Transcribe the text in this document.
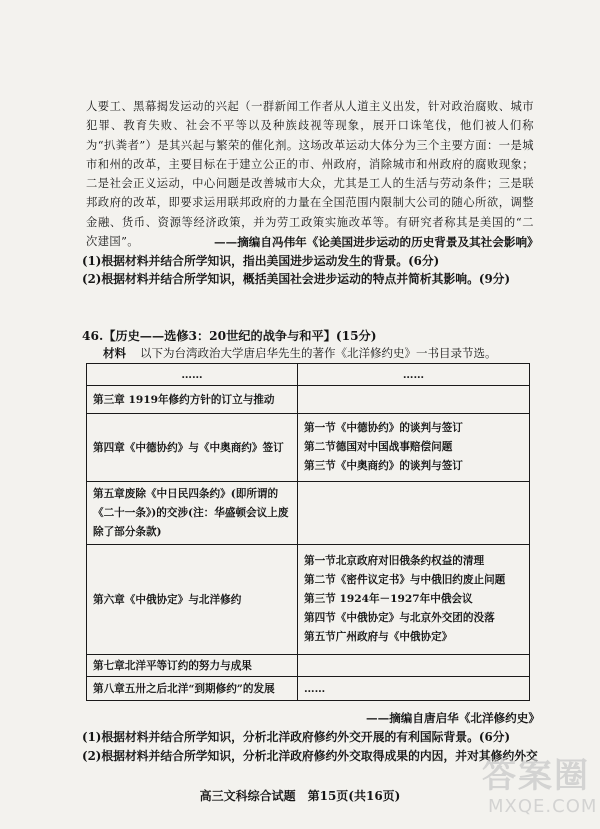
人要工、黑幕揭发运动的兴起（一群新闻工作者从人道主义出发，针对政治腐败、城市犯罪、教育失败、社会不平等以及种族歧视等现象，展开口诛笔伐，他们被人们称为“扒粪者”）是其兴起与繁荣的催化剂。这场改革运动大体分为三个主要方面：一是城市和州的改革，主要目标在于建立公正的市、州政府，消除城市和州政府的腐败现象；二是社会正义运动，中心问题是改善城市大众，尤其是工人的生活与劳动条件；三是联邦政府的改革，即要求运用联邦政府的力量在全国范围内限制大公司的随心所欲，调整金融、货币、资源等经济政策，并为劳工政策实施改革等。有研究者称其是美国的“二次建国”。	——摘编自冯伟年《论美国进步运动的历史背景及其社会影响》
(1)根据材料并结合所学知识，指出美国进步运动发生的背景。(6分)
(2)根据材料并结合所学知识，概括美国社会进步运动的特点并简析其影响。(9分)
46.【历史——选修3：20世纪的战争与和平】(15分)
材料 以下为台湾政治大学唐启华先生的著作《北洋修约史》一书目录节选。
……	……
第三章 1919年修约方针的订立与推动	
第四章《中德协约》与《中奥商约》签订	第一节《中德协约》的谈判与签订
第二节德国对中国战事赔偿问题
第三节《中奥商约》的谈判与签订

第五章废除《中日民四条约》(即所谓的《二十一条》)的交涉(注：华盛顿会议上废除了部分条款)	
第六章《中俄协定》与北洋修约	第一节北京政府对旧俄条约权益的清理
第二节《密件议定书》与中俄旧约废止问题
第三节 1924年－1927年中俄会议
第四节《中俄协定》与北京外交团的没落
第五节广州政府与《中俄协定》

第七章北洋平等订约的努力与成果	
第八章五卅之后北洋“到期修约”的发展	……
——摘编自唐启华《北洋修约史》
(1)根据材料并结合所学知识，分析北洋政府修约外交开展的有利国际背景。(6分)
(2)根据材料并结合所学知识，分析北洋政府修约外交取得成果的内因，并对其修约外交
高三文科综合试题　第15页(共16页)	答案圈
MXQE.COM
